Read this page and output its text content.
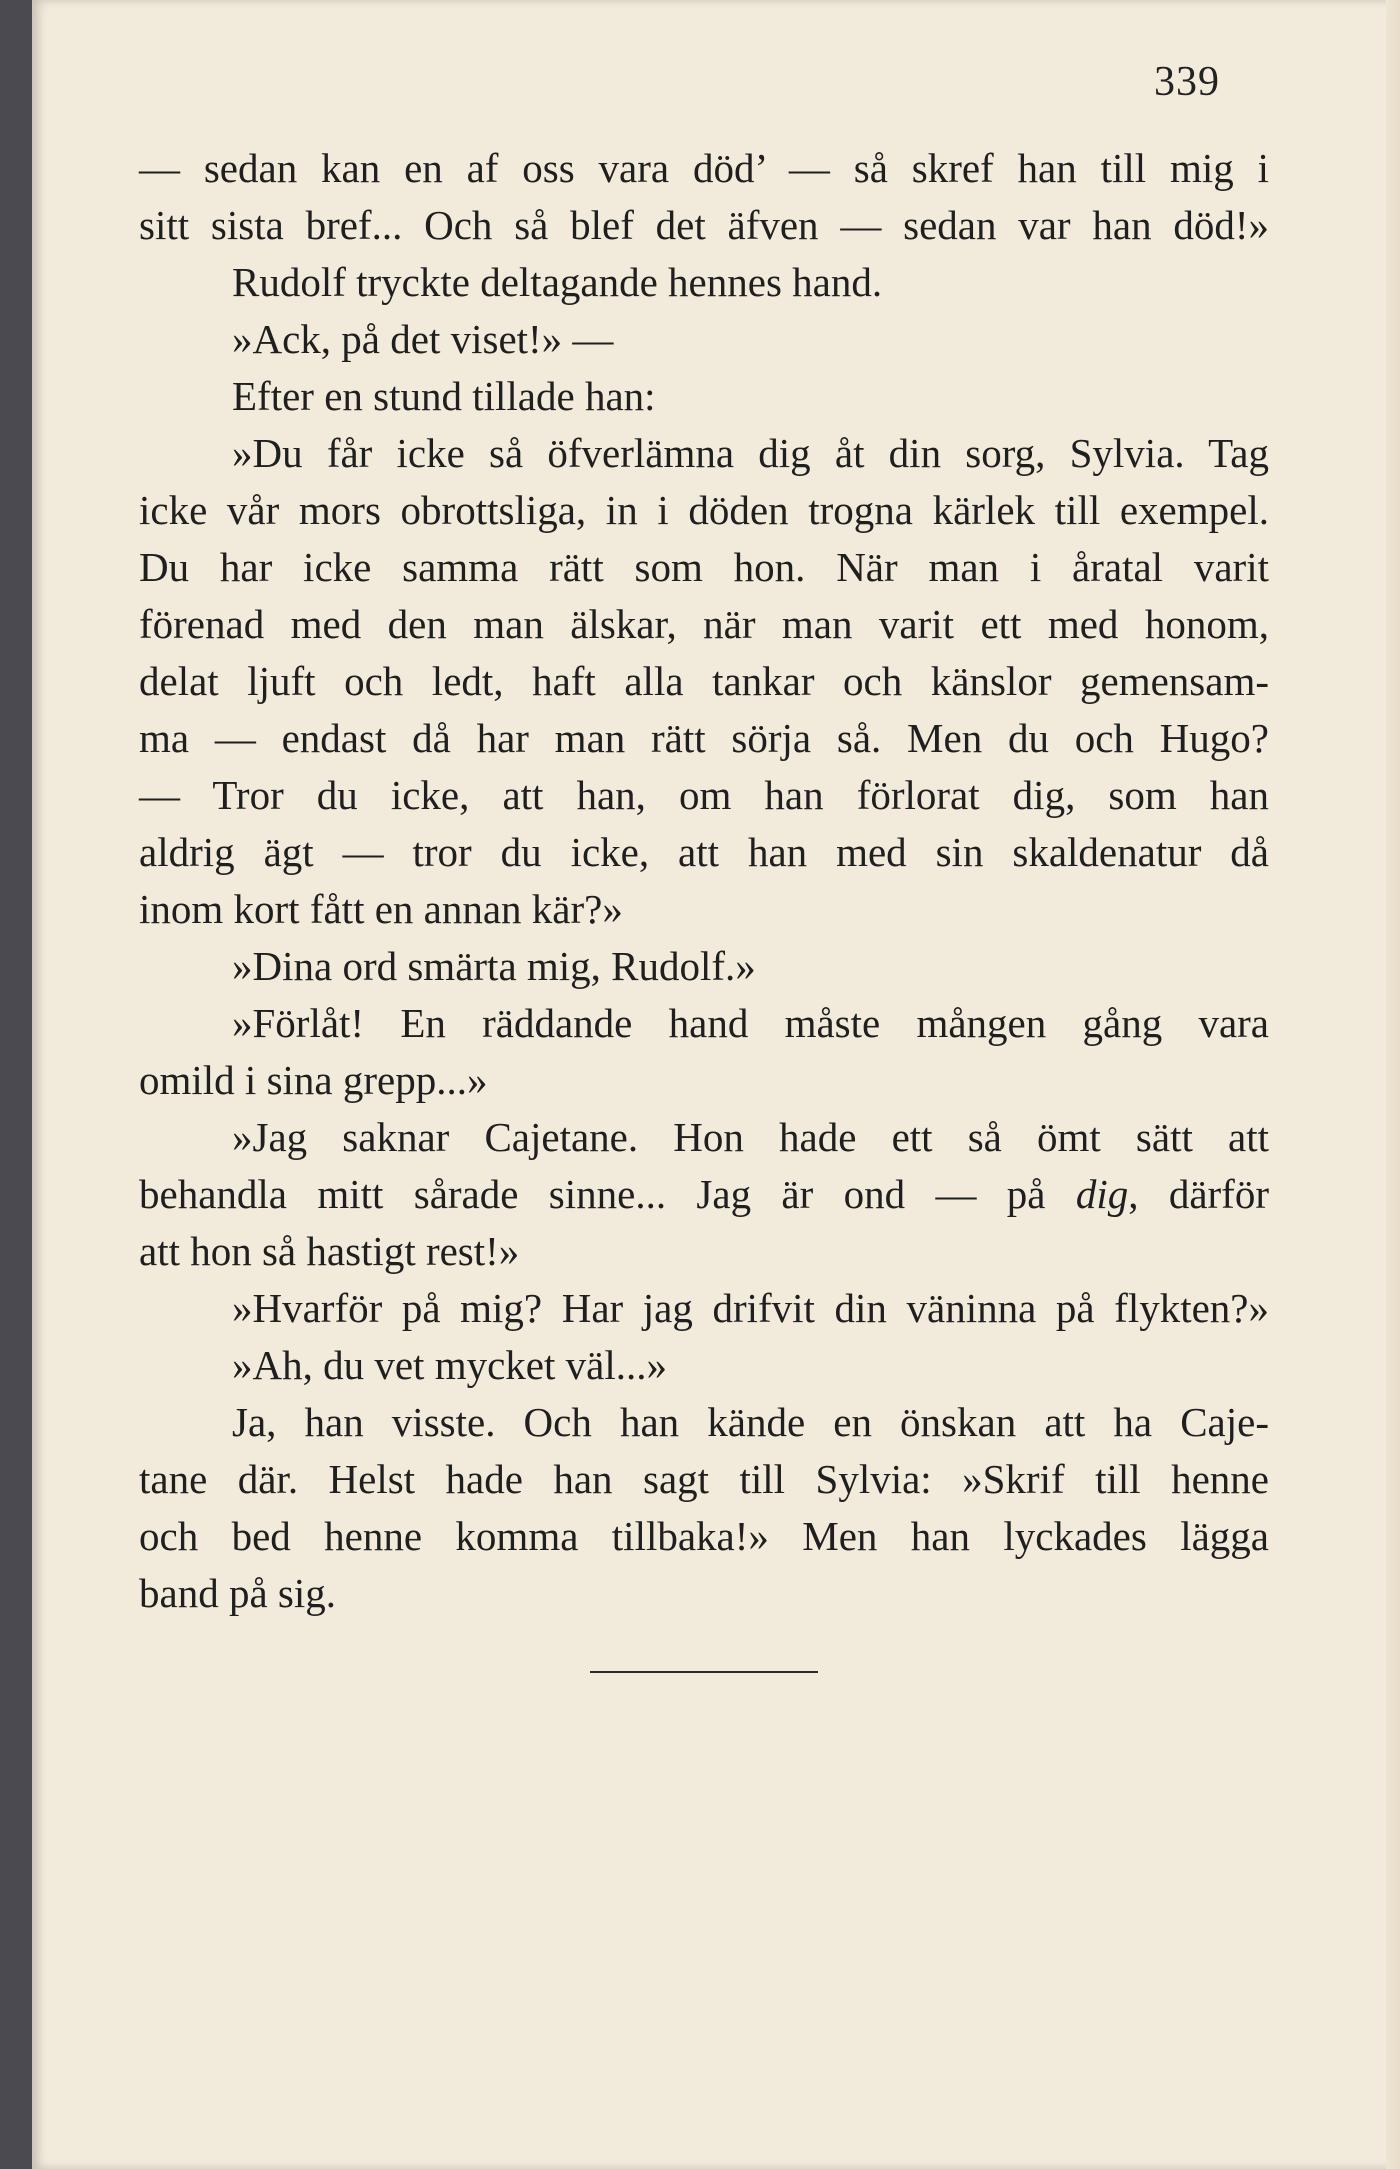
339
— sedan kan en af oss vara död’ — så skref han till mig i
sitt sista bref... Och så blef det äfven — sedan var han död!»
Rudolf tryckte deltagande hennes hand.
»Ack, på det viset!» —
Efter en stund tillade han:
»Du får icke så öfverlämna dig åt din sorg, Sylvia. Tag
icke vår mors obrottsliga, in i döden trogna kärlek till exempel.
Du har icke samma rätt som hon. När man i åratal varit
förenad med den man älskar, när man varit ett med honom,
delat ljuft och ledt, haft alla tankar och känslor gemensam-
ma — endast då har man rätt sörja så. Men du och Hugo?
— Tror du icke, att han, om han förlorat dig, som han
aldrig ägt — tror du icke, att han med sin skaldenatur då
inom kort fått en annan kär?»
»Dina ord smärta mig, Rudolf.»
»Förlåt! En räddande hand måste mången gång vara
omild i sina grepp...»
»Jag saknar Cajetane. Hon hade ett så ömt sätt att
behandla mitt sårade sinne... Jag är ond — på dig, därför
att hon så hastigt rest!»
»Hvarför på mig? Har jag drifvit din väninna på flykten?»
»Ah, du vet mycket väl...»
Ja, han visste. Och han kände en önskan att ha Caje-
tane där. Helst hade han sagt till Sylvia: »Skrif till henne
och bed henne komma tillbaka!» Men han lyckades lägga
band på sig.
